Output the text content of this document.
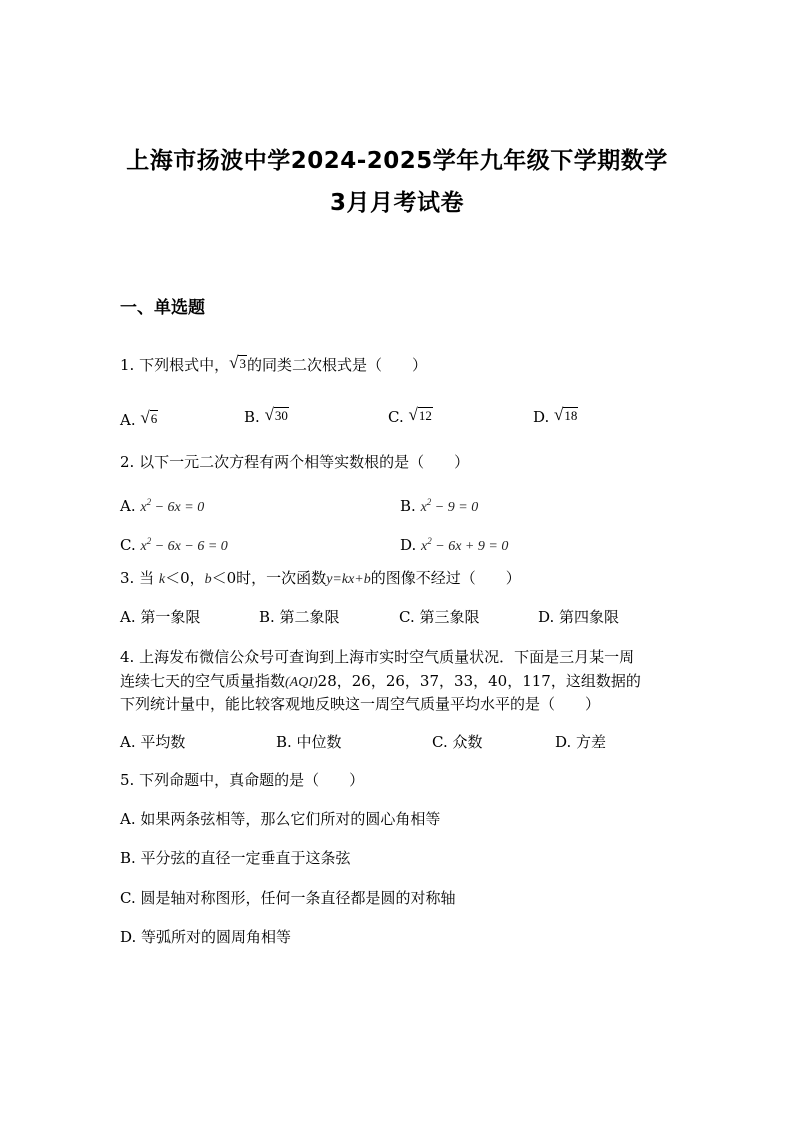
上海市扬波中学2024-2025学年九年级下学期数学
3月月考试卷
一、单选题
1. 下列根式中，√3的同类二次根式是（　　）
A. √6	B. √30	C. √12	D. √18
2. 以下一元二次方程有两个相等实数根的是（　　）
A. $x^2 - 6x = 0$	B. $x^2 - 9 = 0$
C. $x^2 - 6x - 6 = 0$	D. $x^2 - 6x + 9 = 0$
3. 当 k＜0，b＜0时，一次函数y=kx+b的图像不经过（　　）
A. 第一象限	B. 第二象限	C. 第三象限	D. 第四象限
4. 上海发布微信公众号可查询到上海市实时空气质量状况．下面是三月某一周
连续七天的空气质量指数(AQI)28，26，26，37，33，40，117，这组数据的
下列统计量中，能比较客观地反映这一周空气质量平均水平的是（　　）
A. 平均数	B. 中位数	C. 众数	D. 方差
5. 下列命题中，真命题的是（　　）
A. 如果两条弦相等，那么它们所对的圆心角相等
B. 平分弦的直径一定垂直于这条弦
C. 圆是轴对称图形，任何一条直径都是圆的对称轴
D. 等弧所对的圆周角相等
